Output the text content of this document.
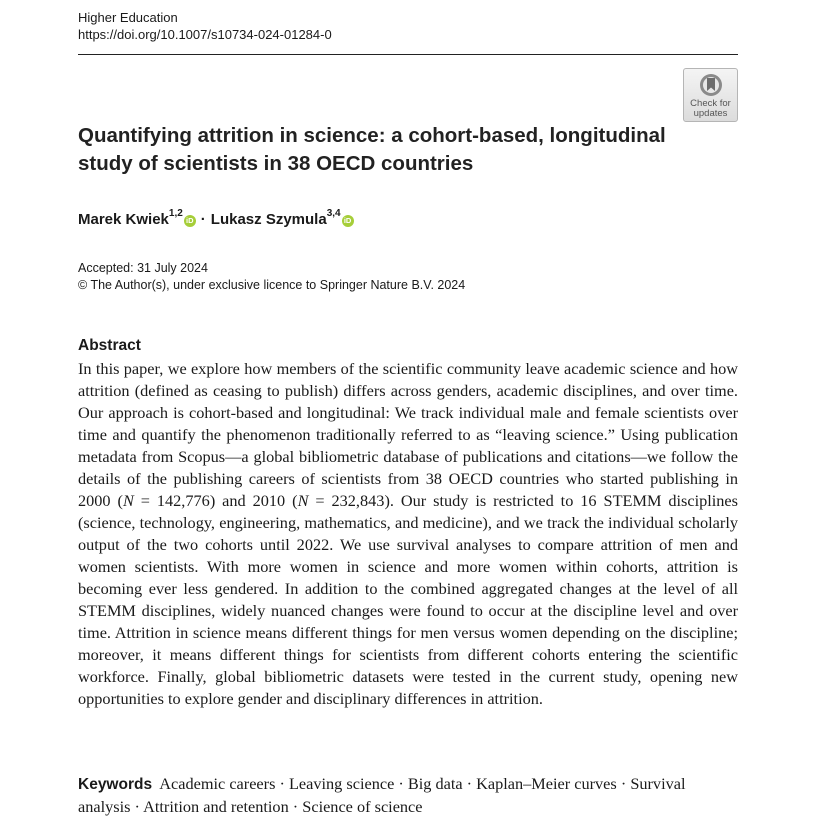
Higher Education
https://doi.org/10.1007/s10734-024-01284-0
Check for
updates
Quantifying attrition in science: a cohort-based, longitudinal study of scientists in 38 OECD countries
Marek Kwiek$^{1,2}$iD · Lukasz Szymula$^{3,4}$iD
Accepted: 31 July 2024
© The Author(s), under exclusive licence to Springer Nature B.V. 2024
Abstract

In this paper, we explore how members of the scientific community leave academic science and how attrition (defined as ceasing to publish) differs across genders, academic disciplines, and over time. Our approach is cohort-based and longitudinal: We track individual male and female scientists over time and quantify the phenomenon traditionally referred to as “leaving science.” Using publication metadata from Scopus—a global bibliometric database of publications and citations—we follow the details of the publishing careers of scientists from 38 OECD countries who started publishing in 2000 (N = 142,776) and 2010 (N = 232,843). Our study is restricted to 16 STEMM disciplines (science, technology, engineering, mathematics, and medicine), and we track the individual scholarly output of the two cohorts until 2022. We use survival analyses to compare attrition of men and women scientists. With more women in science and more women within cohorts, attrition is becoming ever less gendered. In addition to the combined aggregated changes at the level of all STEMM disciplines, widely nuanced changes were found to occur at the discipline level and over time. Attrition in science means different things for men versus women depending on the discipline; moreover, it means different things for scientists from different cohorts entering the scientific workforce. Finally, global bibliometric datasets were tested in the current study, opening new opportunities to explore gender and disciplinary differences in attrition.

Keywords Academic careers · Leaving science · Big data · Kaplan–Meier curves · Survival analysis · Attrition and retention · Science of science
